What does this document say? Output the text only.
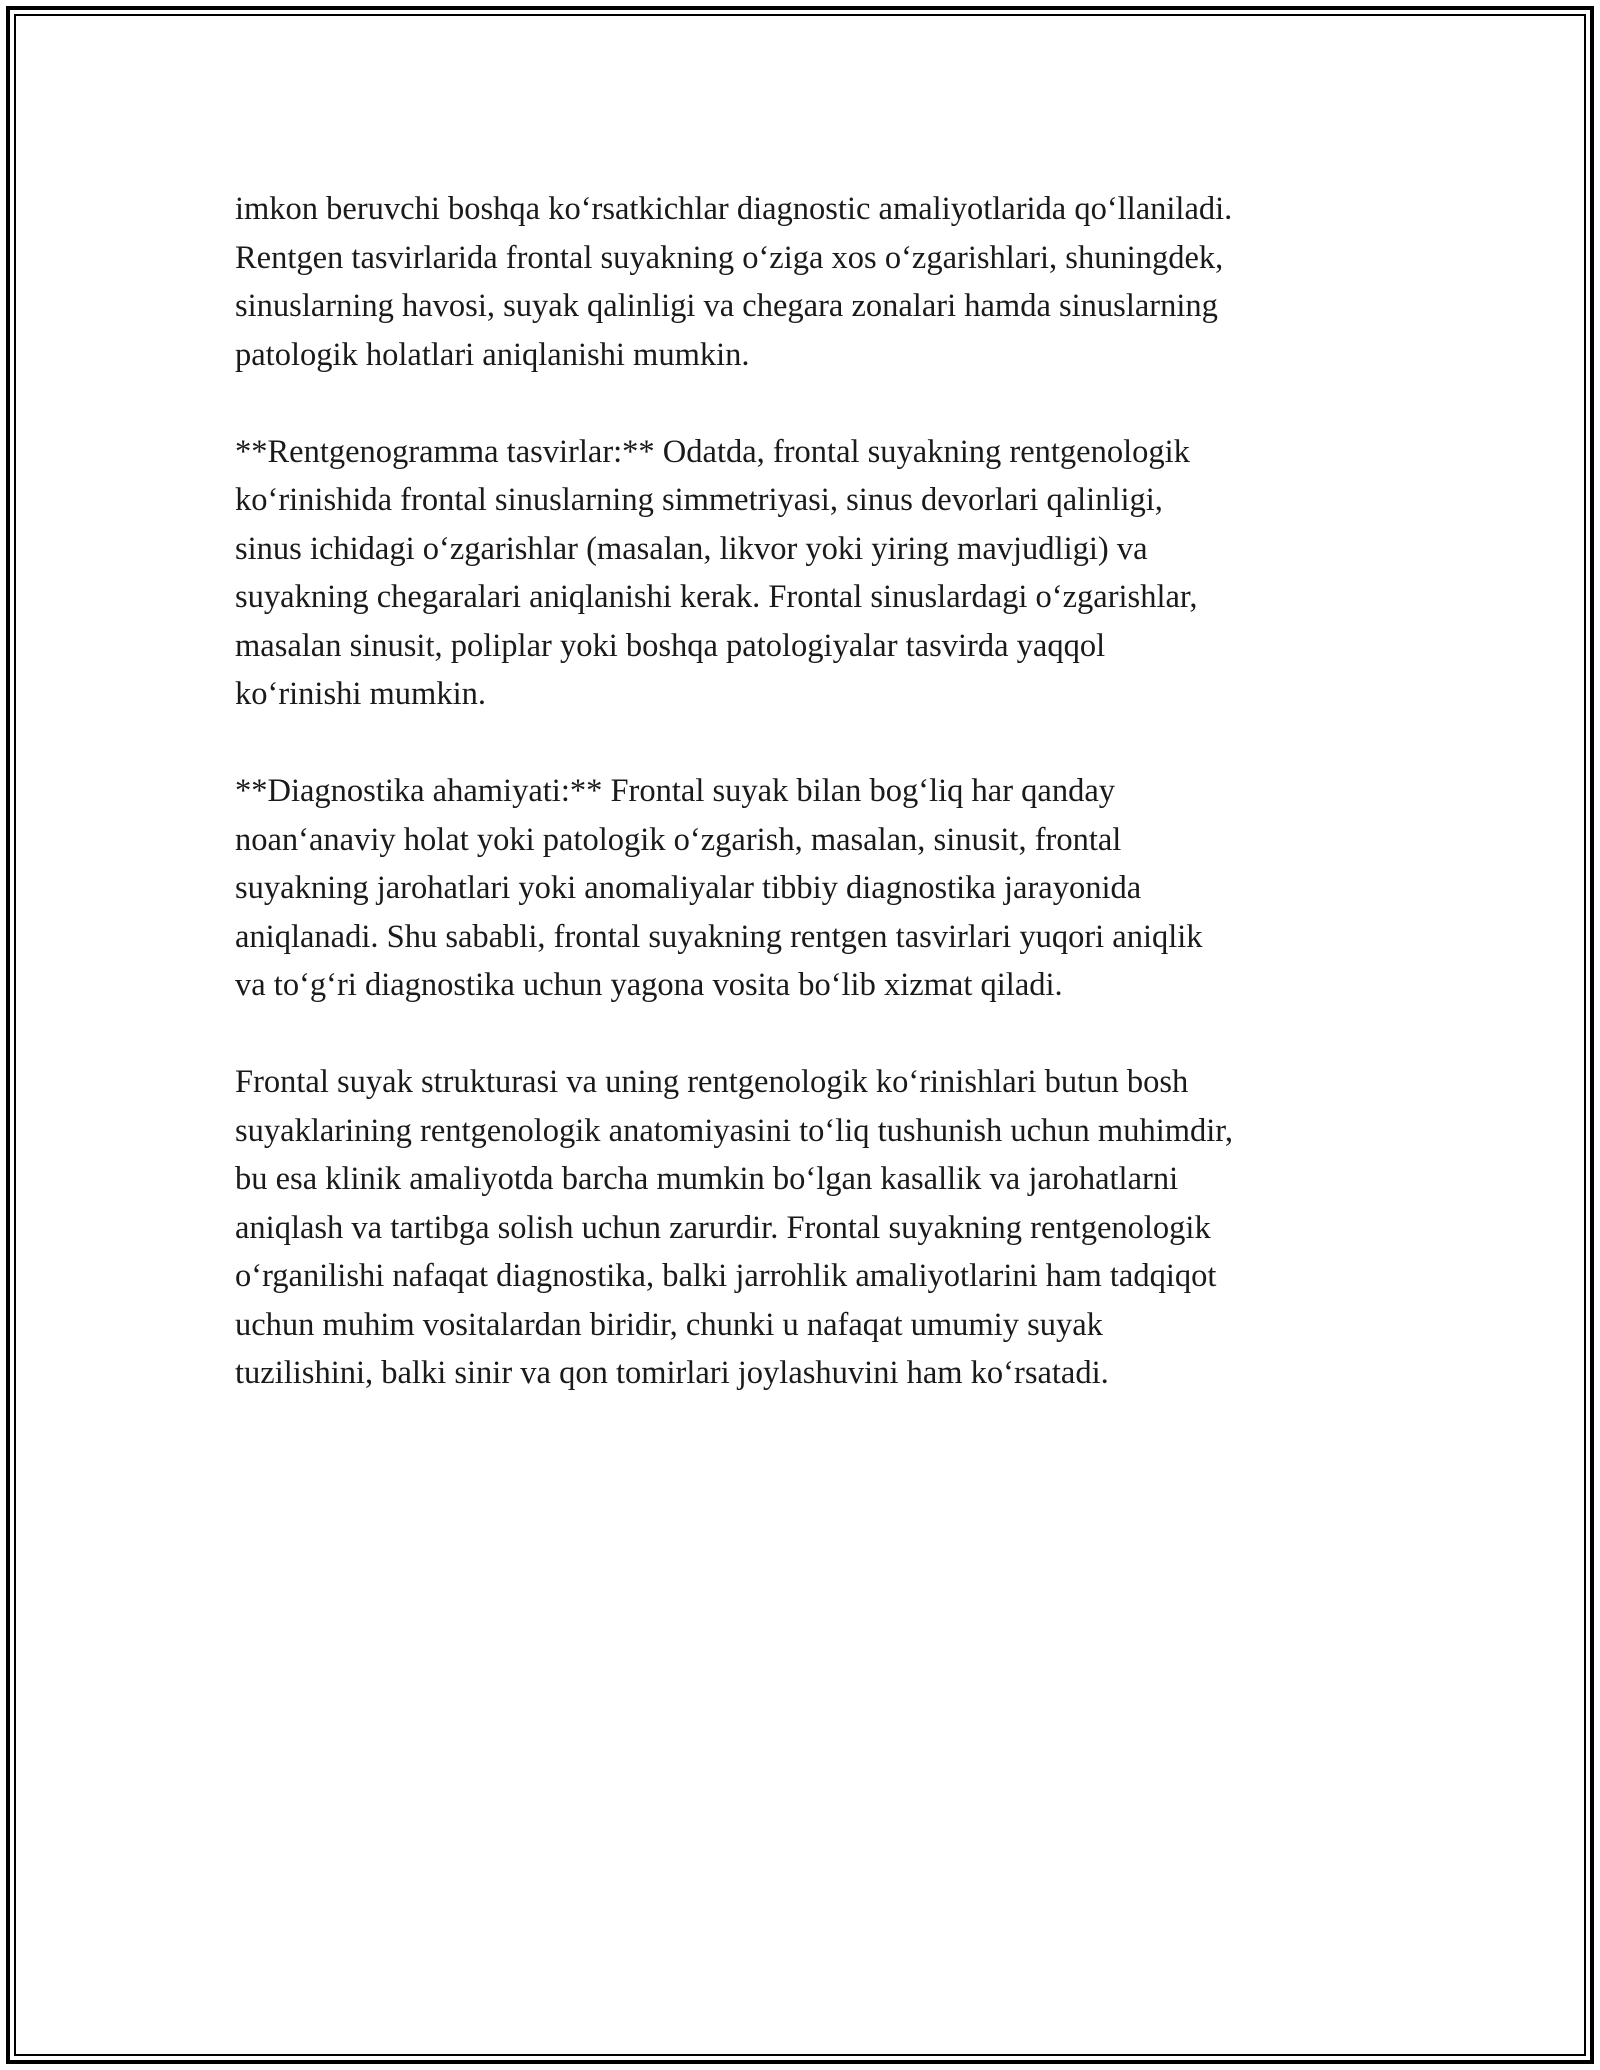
imkon beruvchi boshqa koʻrsatkichlar diagnostic amaliyotlarida qoʻllaniladi.
Rentgen tasvirlarida frontal suyakning oʻziga xos oʻzgarishlari, shuningdek,
sinuslarning havosi, suyak qalinligi va chegara zonalari hamda sinuslarning
patologik holatlari aniqlanishi mumkin.

**Rentgenogramma tasvirlar:** Odatda, frontal suyakning rentgenologik
koʻrinishida frontal sinuslarning simmetriyasi, sinus devorlari qalinligi,
sinus ichidagi oʻzgarishlar (masalan, likvor yoki yiring mavjudligi) va
suyakning chegaralari aniqlanishi kerak. Frontal sinuslardagi oʻzgarishlar,
masalan sinusit, poliplar yoki boshqa patologiyalar tasvirda yaqqol
koʻrinishi mumkin.

**Diagnostika ahamiyati:** Frontal suyak bilan bogʻliq har qanday
noanʻanaviy holat yoki patologik oʻzgarish, masalan, sinusit, frontal
suyakning jarohatlari yoki anomaliyalar tibbiy diagnostika jarayonida
aniqlanadi. Shu sababli, frontal suyakning rentgen tasvirlari yuqori aniqlik
va toʻgʻri diagnostika uchun yagona vosita boʻlib xizmat qiladi.

Frontal suyak strukturasi va uning rentgenologik koʻrinishlari butun bosh
suyaklarining rentgenologik anatomiyasini toʻliq tushunish uchun muhimdir,
bu esa klinik amaliyotda barcha mumkin boʻlgan kasallik va jarohatlarni
aniqlash va tartibga solish uchun zarurdir. Frontal suyakning rentgenologik
oʻrganilishi nafaqat diagnostika, balki jarrohlik amaliyotlarini ham tadqiqot
uchun muhim vositalardan biridir, chunki u nafaqat umumiy suyak
tuzilishini, balki sinir va qon tomirlari joylashuvini ham koʻrsatadi.
